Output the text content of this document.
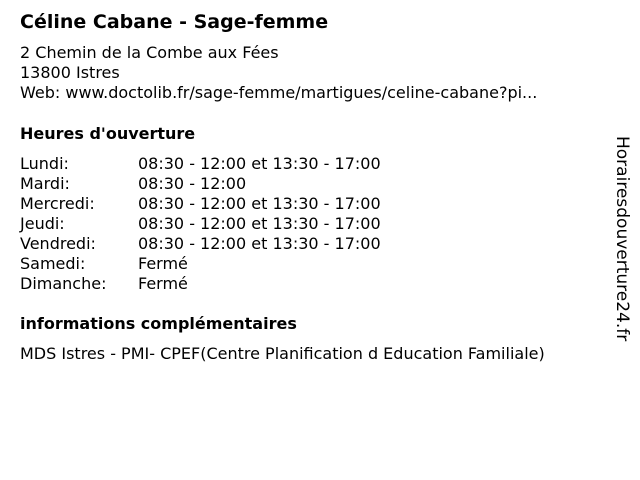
Céline Cabane - Sage-femme
2 Chemin de la Combe aux Fées
13800 Istres
Web: www.doctolib.fr/sage-femme/martigues/celine-cabane?pi...
Heures d'ouverture
Lundi:	08:30 - 12:00 et 13:30 - 17:00
Mardi:	08:30 - 12:00
Mercredi:	08:30 - 12:00 et 13:30 - 17:00
Jeudi:	08:30 - 12:00 et 13:30 - 17:00
Vendredi:	08:30 - 12:00 et 13:30 - 17:00
Samedi:	Fermé
Dimanche:	Fermé
informations complémentaires
MDS Istres - PMI- CPEF(Centre Planification d Education Familiale)
Horairesdouverture24.fr
